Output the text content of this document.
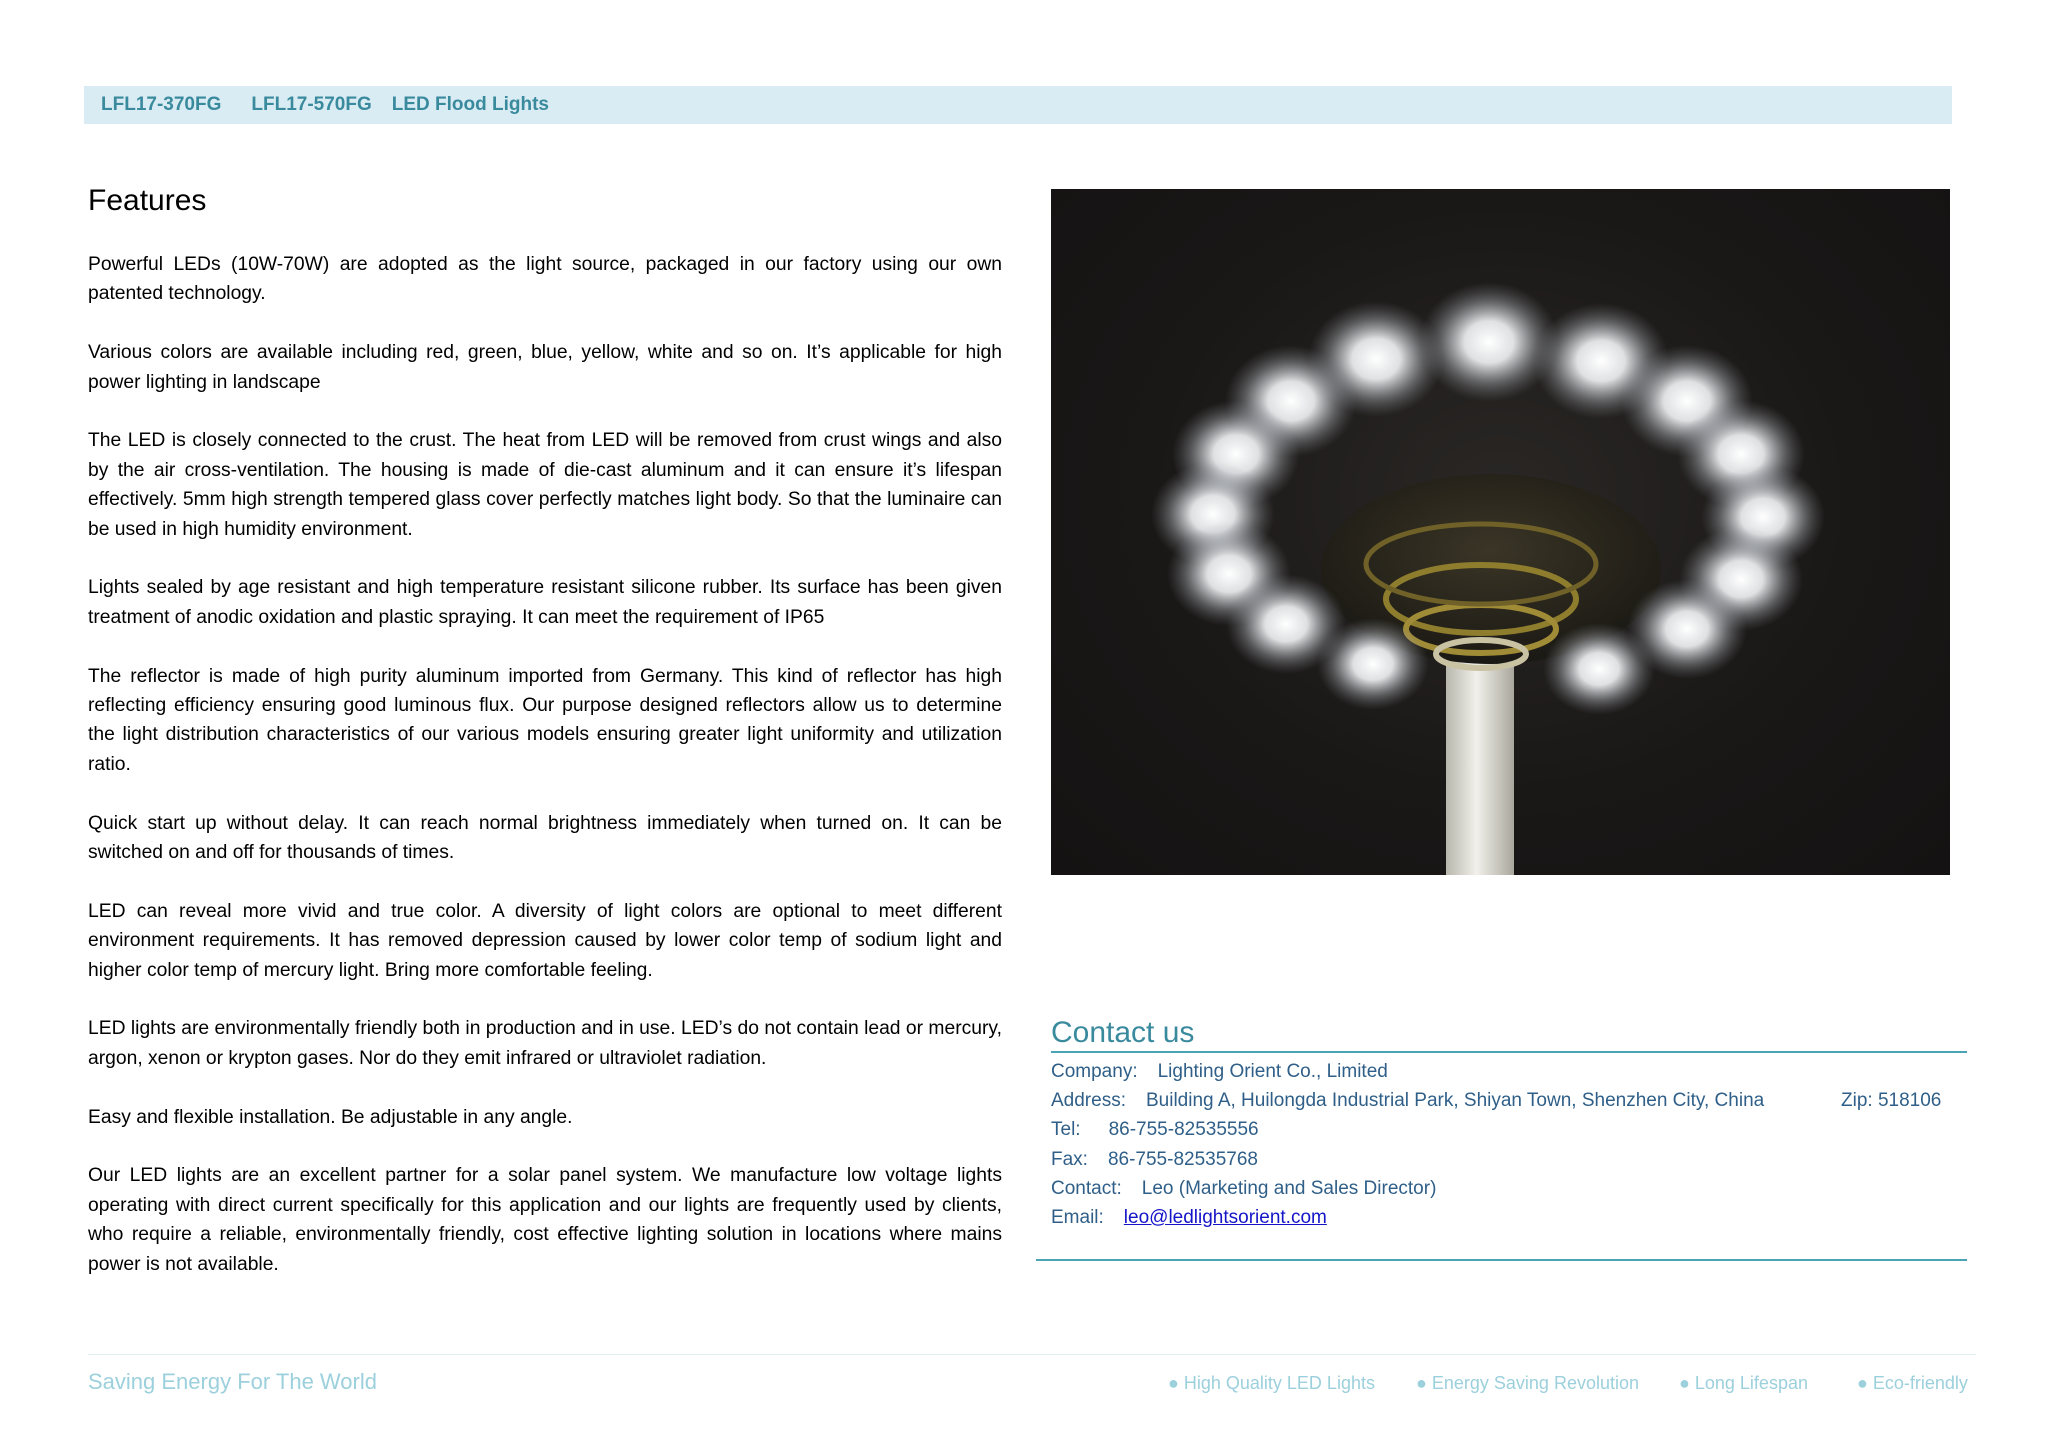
LFL17-370FG LFL17-570FG LED Flood Lights
Features

Powerful LEDs (10W-70W) are adopted as the light source, packaged in our factory using our own patented technology.

Various colors are available including red, green, blue, yellow, white and so on. It’s applicable for high power lighting in landscape

The LED is closely connected to the crust. The heat from LED will be removed from crust wings and also by the air cross-ventilation. The housing is made of die-cast aluminum and it can ensure it’s lifespan effectively. 5mm high strength tempered glass cover perfectly matches light body. So that the luminaire can be used in high humidity environment.

Lights sealed by age resistant and high temperature resistant silicone rubber. Its surface has been given treatment of anodic oxidation and plastic spraying. It can meet the requirement of IP65

The reflector is made of high purity aluminum imported from Germany. This kind of reflector has high reflecting efficiency ensuring good luminous flux. Our purpose designed reflectors allow us to determine the light distribution characteristics of our various models ensuring greater light uniformity and utilization ratio.

Quick start up without delay. It can reach normal brightness immediately when turned on. It can be switched on and off for thousands of times.

LED can reveal more vivid and true color. A diversity of light colors are optional to meet different environment requirements. It has removed depression caused by lower color temp of sodium light and higher color temp of mercury light. Bring more comfortable feeling.

LED lights are environmentally friendly both in production and in use. LED’s do not contain lead or mercury, argon, xenon or krypton gases. Nor do they emit infrared or ultraviolet radiation.

Easy and flexible installation. Be adjustable in any angle.

Our LED lights are an excellent partner for a solar panel system. We manufacture low voltage lights operating with direct current specifically for this application and our lights are frequently used by clients, who require a reliable, environmentally friendly, cost effective lighting solution in locations where mains power is not available.

Contact us
Company: Lighting Orient Co., Limited
Address: Building A, Huilongda Industrial Park, Shiyan Town, Shenzhen City, China	Zip: 518106
Tel: 86-755-82535556
Fax: 86-755-82535768
Contact: Leo (Marketing and Sales Director)
Email: leo@ledlightsorient.com
Saving Energy For The World	● High Quality LED Lights ● Energy Saving Revolution ● Long Lifespan	● Eco-friendly
